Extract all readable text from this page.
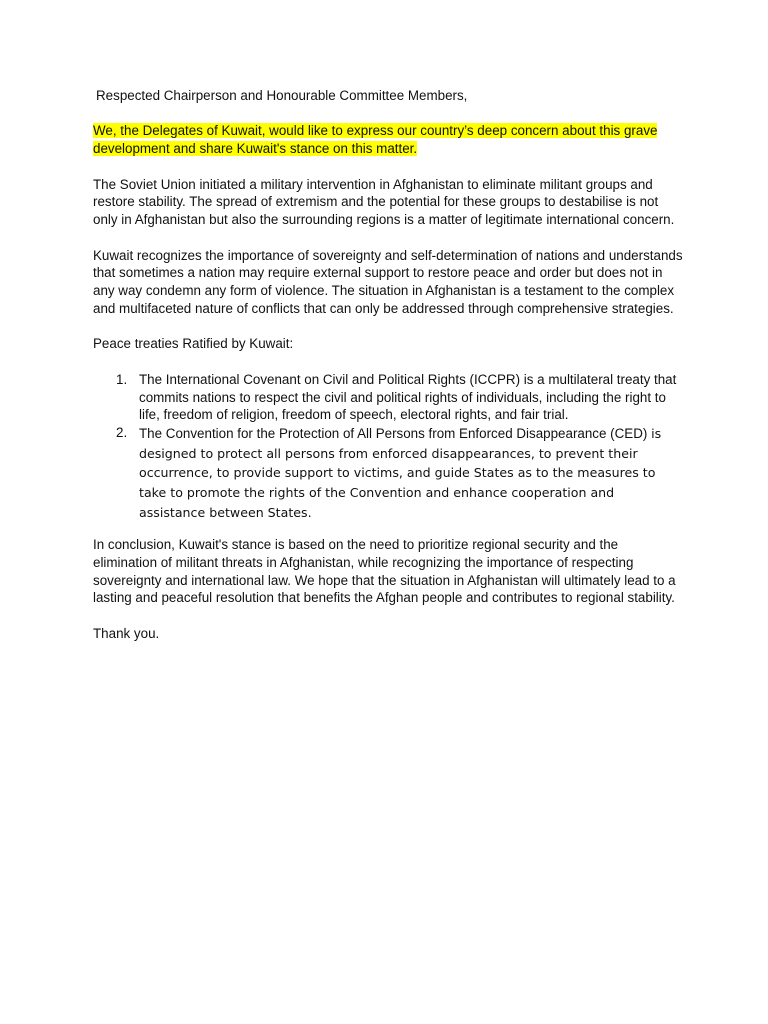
Respected Chairperson and Honourable Committee Members,

We, the Delegates of Kuwait, would like to express our country’s deep concern about this grave development and share Kuwait's stance on this matter.

The Soviet Union initiated a military intervention in Afghanistan to eliminate militant groups and restore stability. The spread of extremism and the potential for these groups to destabilise is not only in Afghanistan but also the surrounding regions is a matter of legitimate international concern.

Kuwait recognizes the importance of sovereignty and self-determination of nations and understands that sometimes a nation may require external support to restore peace and order but does not in any way condemn any form of violence. The situation in Afghanistan is a testament to the complex and multifaceted nature of conflicts that can only be addressed through comprehensive strategies.

Peace treaties Ratified by Kuwait:

1. The International Covenant on Civil and Political Rights (ICCPR) is a multilateral treaty that commits nations to respect the civil and political rights of individuals, including the right to life, freedom of religion, freedom of speech, electoral rights, and fair trial.
2. The Convention for the Protection of All Persons from Enforced Disappearance (CED) is designed to protect all persons from enforced disappearances, to prevent their occurrence, to provide support to victims, and guide States as to the measures to take to promote the rights of the Convention and enhance cooperation and assistance between States.

In conclusion, Kuwait's stance is based on the need to prioritize regional security and the elimination of militant threats in Afghanistan, while recognizing the importance of respecting sovereignty and international law. We hope that the situation in Afghanistan will ultimately lead to a lasting and peaceful resolution that benefits the Afghan people and contributes to regional stability.

Thank you.
